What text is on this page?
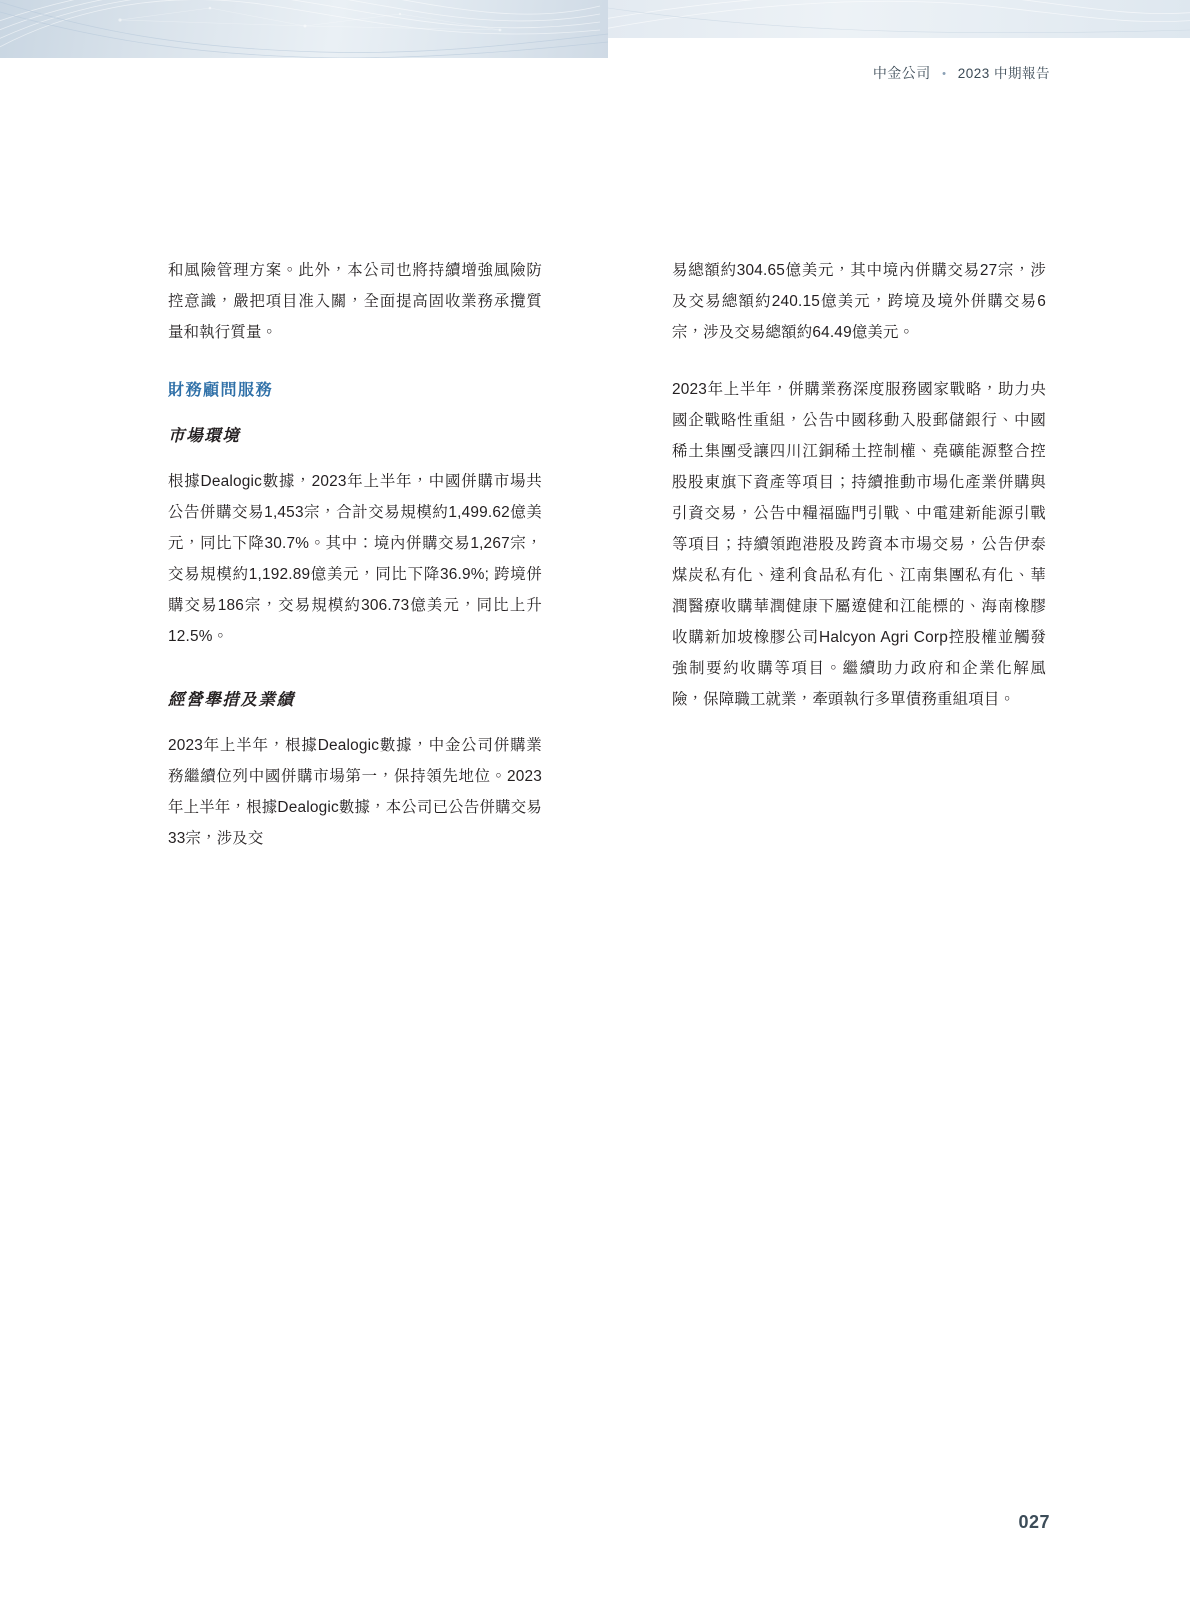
中金公司 • 2023 中期報告

和風險管理方案。此外，本公司也將持續增強風險防控意識，嚴把項目准入關，全面提高固收業務承攬質量和執行質量。

財務顧問服務
市場環境

根據Dealogic數據，2023年上半年，中國併購市場共公告併購交易1,453宗，合計交易規模約1,499.62億美元，同比下降30.7%。其中：境內併購交易1,267宗，交易規模約1,192.89億美元，同比下降36.9%; 跨境併購交易186宗，交易規模約306.73億美元，同比上升12.5%。

經營舉措及業績

2023年上半年，根據Dealogic數據，中金公司併購業務繼續位列中國併購市場第一，保持領先地位。2023年上半年，根據Dealogic數據，本公司已公告併購交易33宗，涉及交

易總額約304.65億美元，其中境內併購交易27宗，涉及交易總額約240.15億美元，跨境及境外併購交易6宗，涉及交易總額約64.49億美元。

2023年上半年，併購業務深度服務國家戰略，助力央國企戰略性重組，公告中國移動入股郵儲銀行、中國稀土集團受讓四川江銅稀土控制權、堯礦能源整合控股股東旗下資產等項目；持續推動市場化產業併購與引資交易，公告中糧福臨門引戰、中電建新能源引戰等項目；持續領跑港股及跨資本市場交易，公告伊泰煤炭私有化、達利食品私有化、江南集團私有化、華潤醫療收購華潤健康下屬遼健和江能標的、海南橡膠收購新加坡橡膠公司Halcyon Agri Corp控股權並觸發強制要約收購等項目。繼續助力政府和企業化解風險，保障職工就業，牽頭執行多單債務重組項目。

027
